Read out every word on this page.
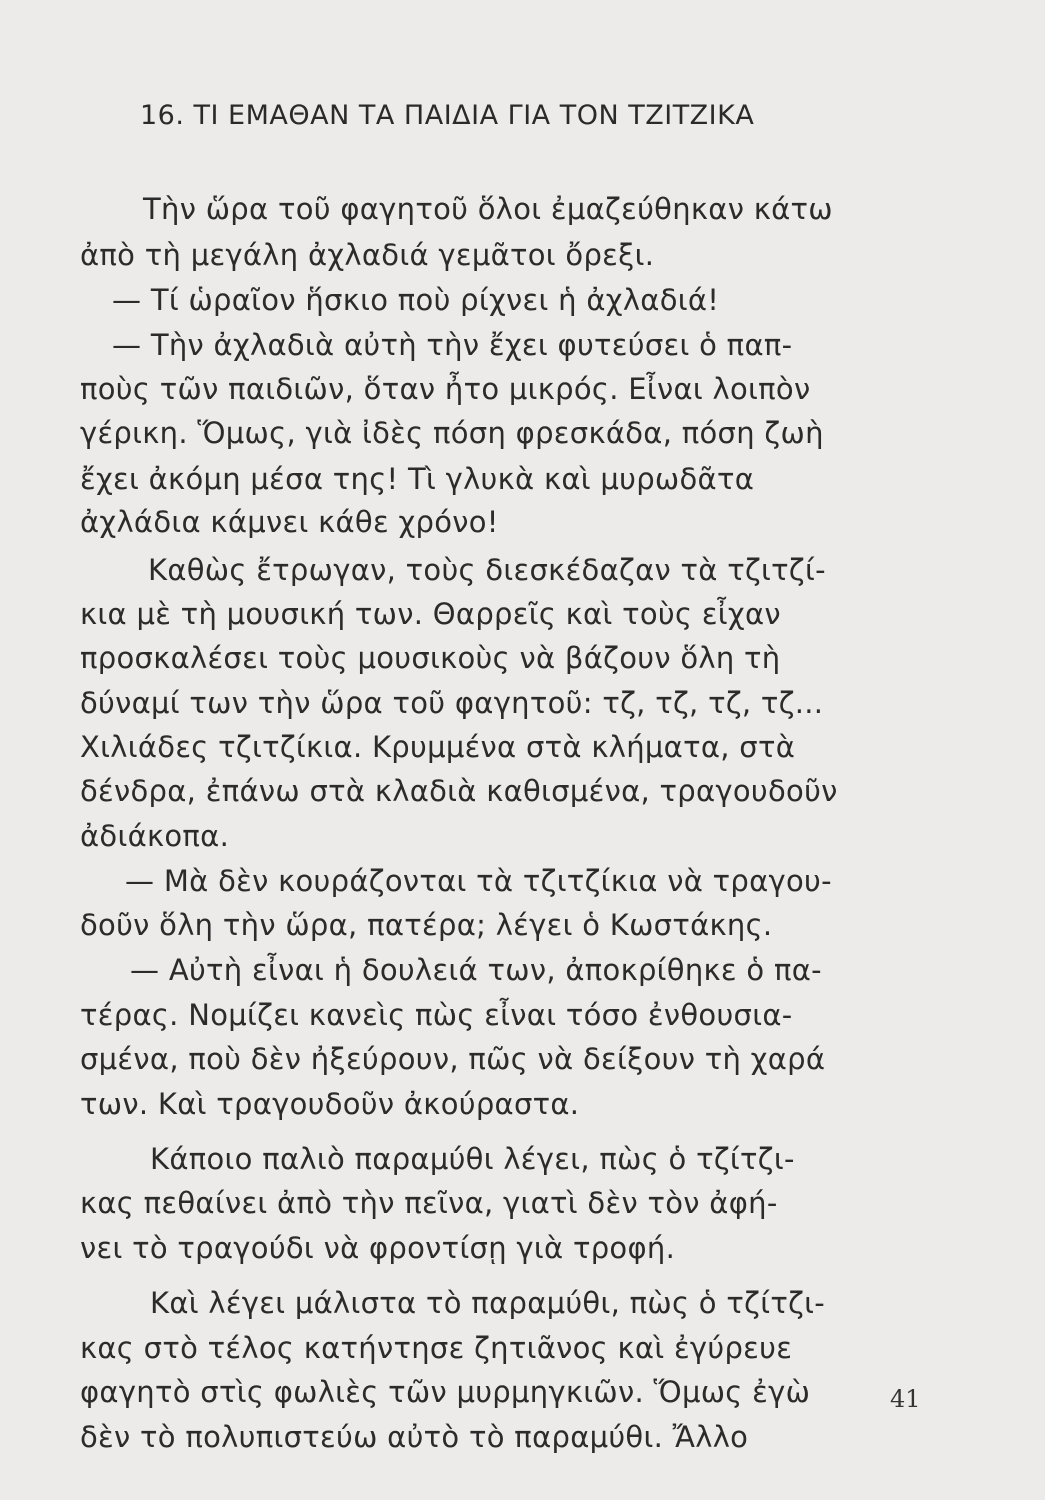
16. ΤΙ ΕΜΑΘΑΝ ΤΑ ΠΑΙΔΙΑ ΓΙΑ ΤΟΝ ΤΖΙΤΖΙΚΑ
Τὴν ὥρα τοῦ φαγητοῦ ὅλοι ἐμαζεύθηκαν κάτω
ἀπὸ τὴ μεγάλη ἀχλαδιά γεμᾶτοι ὄρεξι.
— Τί ὡραῖον ἥσκιο ποὺ ρίχνει ἡ ἀχλαδιά!
— Τὴν ἀχλαδιὰ αὐτὴ τὴν ἔχει φυτεύσει ὁ παπ-
ποὺς τῶν παιδιῶν, ὅταν ἦτο μικρός. Εἶναι λοιπὸν
γέρικη. Ὅμως, γιὰ ἰδὲς πόση φρεσκάδα, πόση ζωὴ
ἔχει ἀκόμη μέσα της! Τὶ γλυκὰ καὶ μυρωδᾶτα
ἀχλάδια κάμνει κάθε χρόνο!
Καθὼς ἔτρωγαν, τοὺς διεσκέδαζαν τὰ τζιτζί-
κια μὲ τὴ μουσική των. Θαρρεῖς καὶ τοὺς εἶχαν
προσκαλέσει τοὺς μουσικοὺς νὰ βάζουν ὅλη τὴ
δύναμί των τὴν ὥρα τοῦ φαγητοῦ: τζ, τζ, τζ, τζ...
Χιλιάδες τζιτζίκια. Κρυμμένα στὰ κλήματα, στὰ
δένδρα, ἐπάνω στὰ κλαδιὰ καθισμένα, τραγουδοῦν
ἀδιάκοπα.
— Μὰ δὲν κουράζονται τὰ τζιτζίκια νὰ τραγου-
δοῦν ὅλη τὴν ὥρα, πατέρα; λέγει ὁ Κωστάκης.
— Αὐτὴ εἶναι ἡ δουλειά των, ἀποκρίθηκε ὁ πα-
τέρας. Νομίζει κανεὶς πὼς εἶναι τόσο ἐνθουσια-
σμένα, ποὺ δὲν ἠξεύρουν, πῶς νὰ δείξουν τὴ χαρά
των. Καὶ τραγουδοῦν ἀκούραστα.
Κάποιο παλιὸ παραμύθι λέγει, πὼς ὁ τζίτζι-
κας πεθαίνει ἀπὸ τὴν πεῖνα, γιατὶ δὲν τὸν ἀφή-
νει τὸ τραγούδι νὰ φροντίσῃ γιὰ τροφή.
Καὶ λέγει μάλιστα τὸ παραμύθι, πὼς ὁ τζίτζι-
κας στὸ τέλος κατήντησε ζητιᾶνος καὶ ἐγύρευε
φαγητὸ στὶς φωλιὲς τῶν μυρμηγκιῶν. Ὅμως ἐγὼ
δὲν τὸ πολυπιστεύω αὐτὸ τὸ παραμύθι. Ἄλλο
41
